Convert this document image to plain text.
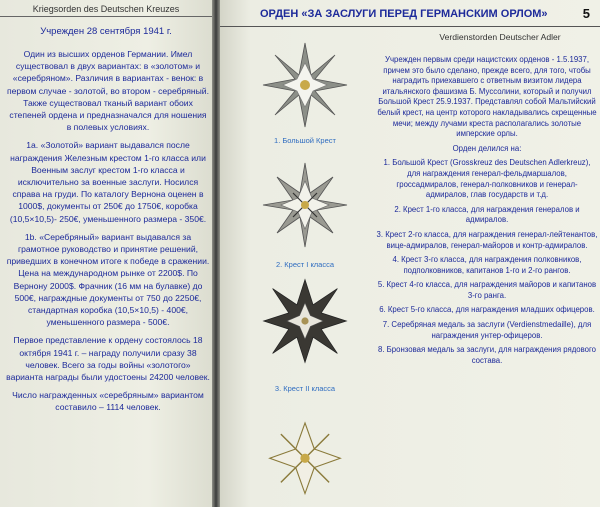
Kriegsorden des Deutschen Kreuzes
Учрежден 28 сентября 1941 г.

Один из высших орденов Германии. Имел существовал в двух вариантах: в «золотом» и «серебряном». Различия в вариантах - венок: в первом случае - золотой, во втором - серебряный. Также существовал тканый вариант обоих степеней ордена и предназначался для ношения в полевых условиях.

1a. «Золотой» вариант выдавался после награждения Железным крестом 1-го класса или Военным заслуг крестом 1-го класса и исключительно за военные заслуги. Носился справа на груди. По каталогу Вернона оценен в 1000$, документы от 250€ до 1750€, коробка (10,5×10,5)- 250€, уменьшенного размера - 350€.

1b. «Серебряный» вариант выдавался за грамотное руководство и принятие решений, приведших в конечном итоге к победе в сражении. Цена на международном рынке от 2200$. По Вернону 2000$. Фрачник (16 мм на булавке) до 500€, награждные документы от 750 до 2250€, стандартная коробка (10,5×10,5) - 400€, уменьшенного размера - 500€.

Первое представление к ордену состоялось 18 октября 1941 г. – награду получили сразу 38 человек. Всего за годы войны «золотого» варианта награды были удостоены 24200 человек.

Число награжденных «серебряным» вариантом составило – 1114 человек.

ОРДЕН «ЗА ЗАСЛУГИ ПЕРЕД ГЕРМАНСКИМ ОРЛОМ»	5
Verdienstorden Deutscher Adler
1. Большой Крест
2. Крест I класса
3. Крест II класса

Учрежден первым среди нацистских орденов - 1.5.1937, причем это было сделано, прежде всего, для того, чтобы наградить приехавшего с ответным визитом лидера итальянского фашизма Б. Муссолини, который и получил Большой Крест 25.9.1937. Представлял собой Мальтийский белый крест, на центр которого накладывались скрещенные мечи; между лучами креста располагались золотые имперские орлы.

Орден делился на:

1. Большой Крест (Grosskreuz des Deutschen Adlerkreuz), для награждения генерал-фельдмаршалов, гроссадмиралов, генерал-полковников и генерал-адмиралов, глав государств и т.д.
2. Крест 1-го класса, для награждения генералов и адмиралов.
3. Крест 2-го класса, для награждения генерал-лейтенантов, вице-адмиралов, генерал-майоров и контр-адмиралов.
4. Крест 3-го класса, для награждения полковников, подполковников, капитанов 1-го и 2-го рангов.
5. Крест 4-го класса, для награждения майоров и капитанов 3-го ранга.
6. Крест 5-го класса, для награждения младших офицеров.
7. Серебряная медаль за заслуги (Verdienstmedaille), для награждения унтер-офицеров.
8. Бронзовая медаль за заслуги, для награждения рядового состава.
